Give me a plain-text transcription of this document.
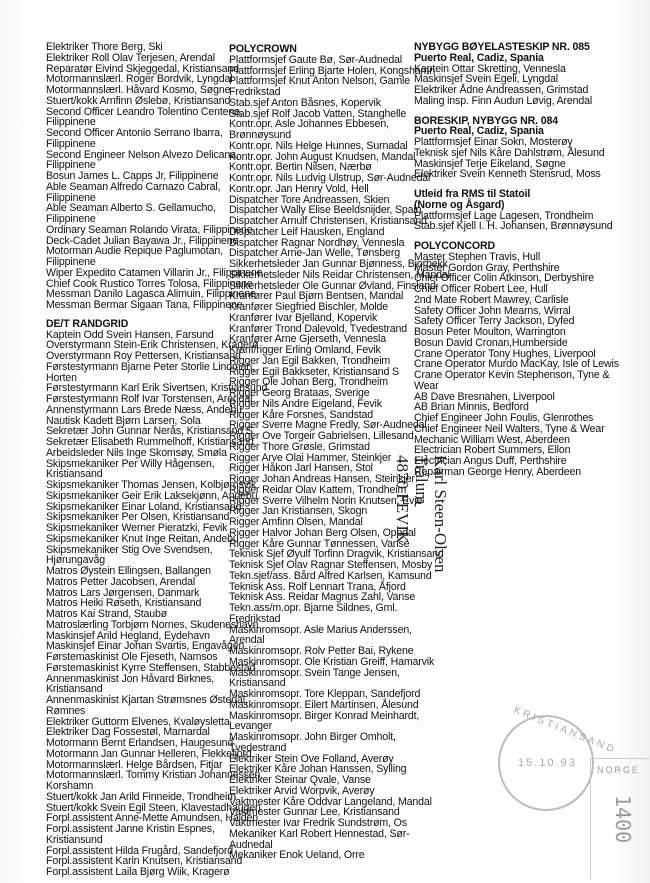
Elektriker Thore Berg, Ski
Elektriker Roll Olav Terjesen, Arendal
Reparatør Eivind Skjeggedal, Kristiansand
Motormannslærl. Roger Bordvik, Lyngdal
Motormannslærl. Håvard Kosmo, Søgne
Stuert/kokk Arnfinn Øslebø, Kristiansand
Second Officer Leandro Tolentino Centeno,
Filippinene
Second Officer Antonio Serrano Ibarra,
Filippinene
Second Engineer Nelson Alvezo Delicana,
Filippinene
Bosun James L. Capps Jr, Filippinene
Able Seaman Alfredo Carnazo Cabral,
Filippinene
Able Seaman Alberto S. Gellamucho,
Filippinene
Ordinary Seaman Rolando Virata, Filippinene
Deck-Cadet Julian Bayawa Jr., Filippinene
Motorman Audie Repique Paglumotan,
Filippinene
Wiper Expedito Catamen Villarin Jr., Filippinene
Chief Cook Rustico Torres Tolosa, Filippinene
Messman Danilo Lagasca Alimuin, Filippinene
Messman Bermar Sigaan Tana, Filippinene
DE/T RANDGRID
Kaptein Odd Svein Hansen, Farsund
Overstyrmann Stein-Erik Christensen, Kragerø
Overstyrmann Roy Pettersen, Kristiansand
Førstestyrmann Bjarne Peter Storlie Lindman,
Horten
Førstestyrmann Karl Erik Sivertsen, Kristiansund
Førstestyrmann Rolf Ivar Torstensen, Arendal
Annenstyrmann Lars Brede Næss, Andebu
Nautisk Kadett Bjørn Larsen, Sola
Sekretær John Gunnar Nerås, Kristiansand S
Sekretær Elisabeth Rummelhoff, Kristiansand
Arbeidsleder Nils Inge Skomsøy, Smøla
Skipsmekaniker Per Willy Hågensen,
Kristiansand
Skipsmekaniker Thomas Jensen, Kolbjørnsvik
Skipsmekaniker Geir Erik Laksekjønn, Andebu
Skipsmekaniker Einar Loland, Kristiansand
Skipsmekaniker Per Olsen, Kristiansand
Skipsmekaniker Werner Pieratzki, Fevik
Skipsmekaniker Knut Inge Reitan, Andebu
Skipsmekaniker Stig Ove Svendsen,
Hjørungavåg
Matros Øystein Ellingsen, Ballangen
Matros Petter Jacobsen, Arendal
Matros Lars Jørgensen, Danmark
Matros Heiki Røseth, Kristiansand
Matros Kai Strand, Staubø
Matroslærling Torbjørn Nornes, Skudeneshavn
Maskinsjef Arild Hegland, Eydehavn
Maskinsjef Einar Johan Svartis, Engavågen
Førstemaskinist Ole Fjeseth, Namsos
Førstemaskinist Kyrre Steffensen, Stabbestad
Annenmaskinist Jon Håvard Birknes,
Kristiansand
Annenmaskinist Kjartan Strømsnes Østedal,
Rømnes
Elektriker Guttorm Elvenes, Kvaløysletta
Elektriker Dag Fossestøl, Marnardal
Motormann Bernt Erlandsen, Haugesund
Motormann Jan Gunnar Helleren, Flekkefjord
Motormannslærl. Helge Bårdsen, Fitjar
Motormannslærl. Tommy Kristian Johannessen,
Korshamn
Stuert/kokk Jan Arild Finneide, Trondheim
Stuert/kokk Svein Egil Steen, Klavestadhaugen
Forpl.assistent Anne-Mette Amundsen, Halden
Forpl.assistent Janne Kristin Espnes,
Kristiansund
Forpl.assistent Hilda Frugård, Sandefjord
Forpl.assistent Karin Knutsen, Kristiansand
Forpl.assistent Laila Bjørg Wiik, Kragerø
POLYCROWN
Plattformsjef Gaute Bø, Sør-Audnedal
Plattformsjef Erling Bjarte Holen, Kongshamn
Plattformsjef Knut Anton Nelson, Gamle
Fredrikstad
Stab.sjef Anton Båsnes, Kopervik
Stab.sjef Rolf Jacob Vatten, Stanghelle
Kontr.opr. Asle Johannes Ebbesen,
Brønnøysund
Kontr.opr. Nils Helge Hunnes, Surnadal
Kontr.opr. John August Knudsen, Mandal
Kontr.opr. Bertin Nilsen, Nærbø
Kontr.opr. Nils Ludvig Ulstrup, Sør-Audnedal
Kontr.opr. Jan Henry Vold, Hell
Dispatcher Tore Andreassen, Skien
Dispatcher Wally Elise Beeldsnijder, Spain
Dispatcher Arnulf Christensen, Kristiansand
Dispatcher Leif Hausken, England
Dispatcher Ragnar Nordhøy, Vennesla
Dispatcher Arne-Jan Welle, Tønsberg
Sikkerhetsleder Jan Gunnar Bjønness, Bjorbekk
Sikkerhetsleder Nils Reidar Christensen, Mandal
Sikkerhetsleder Ole Gunnar Øvland, Finsland
Kranfører Paul Bjørn Bentsen, Mandal
Kranfører Siegfried Bischler, Molde
Kranfører Ivar Bjelland, Kopervik
Kranfører Trond Dalevold, Tvedestrand
Kranfører Arne Gjerseth, Vennesla
Kranf/rigger Erling Omland, Fevik
Rigger Jan Egil Bakken, Trondheim
Rigger Egil Bakkseter, Kristiansand S
Rigger Ole Johan Berg, Trondheim
Rigger Georg Brataas, Sverige
Rigger Nils Andre Eigeland, Fevik
Rigger Kåre Forsnes, Sandstad
Rigger Sverre Magne Fredly, Sør-Audnedal
Rigger Ove Torgeir Gabrielsen, Lillesand
Rigger Thore Grøsle, Grimstad
Rigger Arve Olai Hammer, Steinkjer
Rigger Håkon Jarl Hansen, Stol
Rigger Johan Andreas Hansen, Steinkjer
Rigger Reidar Olav Kattem, Trondheim
Rigger Sverre Vilhelm Norin Knutsen, Evje
Rigger Jan Kristiansen, Skogn
Rigger Amfinn Olsen, Mandal
Rigger Halvor Johan Berg Olsen, Oppdal
Rigger Kåre Gunnar Tønnessen, Vanse
Teknisk Sjef Øyulf Torfinn Dragvik, Kristiansand
Teknisk Sjef Olav Ragnar Steffensen, Mosby
Tekn.sjef/ass. Bård Alfred Karlsen, Kamsund
Teknisk Ass. Rolf Lennart Trana, Åfjord
Teknisk Ass. Reidar Magnus Zahl, Vanse
Tekn.ass/m.opr. Bjarne Sildnes, Gml.
Fredrikstad
Maskinromsopr. Asle Marius Anderssen,
Arendal
Maskinromsopr. Rolv Petter Bai, Rykene
Maskinromsopr. Ole Kristian Greiff, Hamarvik
Maskinromsopr. Svein Tange Jensen,
Kristiansand
Maskinromsopr. Tore Kleppan, Sandefjord
Maskinromsopr. Eilert Martinsen, Ålesund
Maskinromsopr. Birger Konrad Meinhardt,
Levanger
Maskinromsopr. John Birger Omholt,
Tvedestrand
Elektriker Stein Ove Folland, Averøy
Elektriker Kåre Johan Hanssen, Sylling
Elektriker Steinar Qvale, Vanse
Elektriker Arvid Worpvik, Averøy
Vaktmester Kåre Oddvar Langeland, Mandal
Vaktmester Gunnar Lee, Kristiansand
Vaktmester Ivar Fredrik Sundstrøm, Os
Mekaniker Karl Robert Hennestad, Sør-
Audnedal
Mekaniker Enok Ueland, Orre
NYBYGG BØYELASTESKIP NR. 085
Puerto Real, Cadiz, Spania
Kaptein Ottar Skretting, Vennesla
Maskinsjef Svein Egeli, Lyngdal
Elektriker Ådne Andreassen, Grimstad
Maling insp. Finn Audun Løvig, Arendal
BORESKIP, NYBYGG NR. 084
Puerto Real, Cadiz, Spania
Plattformsjef Einar Sokn, Mosterøy
Teknisk sjef Nils Kåre Dahlstrøm, Ålesund
Maskinsjef Terje Eikeland, Søgne
Elektriker Svein Kenneth Stensrud, Moss
Utleid fra RMS til Statoil
(Norne og Åsgard)
Plattformsjef Lage Lagesen, Trondheim
Stab.sjef Kjell I. H. Johansen, Brønnøysund
POLYCONCORD
Master Stephen Travis, Hull
Master Gordon Gray, Perthshire
Chief Officer Colin Atkinson, Derbyshire
Chief Officer Robert Lee, Hull
2nd Mate Robert Mawrey, Carlisle
Safety Officer John Mearns, Wirral
Safety Officer Terry Jackson, Dyfed
Bosun Peter Moulton, Warrington
Bosun David Cronan,Humberside
Crane Operator Tony Hughes, Liverpool
Crane Operator Murdo MacKay, Isle of Lewis
Crane Operator Kevin Stephenson, Tyne &
Wear
AB Dave Bresnahen, Liverpool
AB Brian Minnis, Bedford
Chief Engineer John Foulis, Glenrothes
Chief Engineer Neil Walters, Tyne & Wear
Mechanic William West, Aberdeen
Electrician Robert Summers, Ellon
Electrician Angus Duff, Perthshire
Repairman George Henry, Aberdeen
Karl Steen-Olsen
Trålum
4870 FEVIK
KRISTIANSAND
15.10.93
NORGE
1400
